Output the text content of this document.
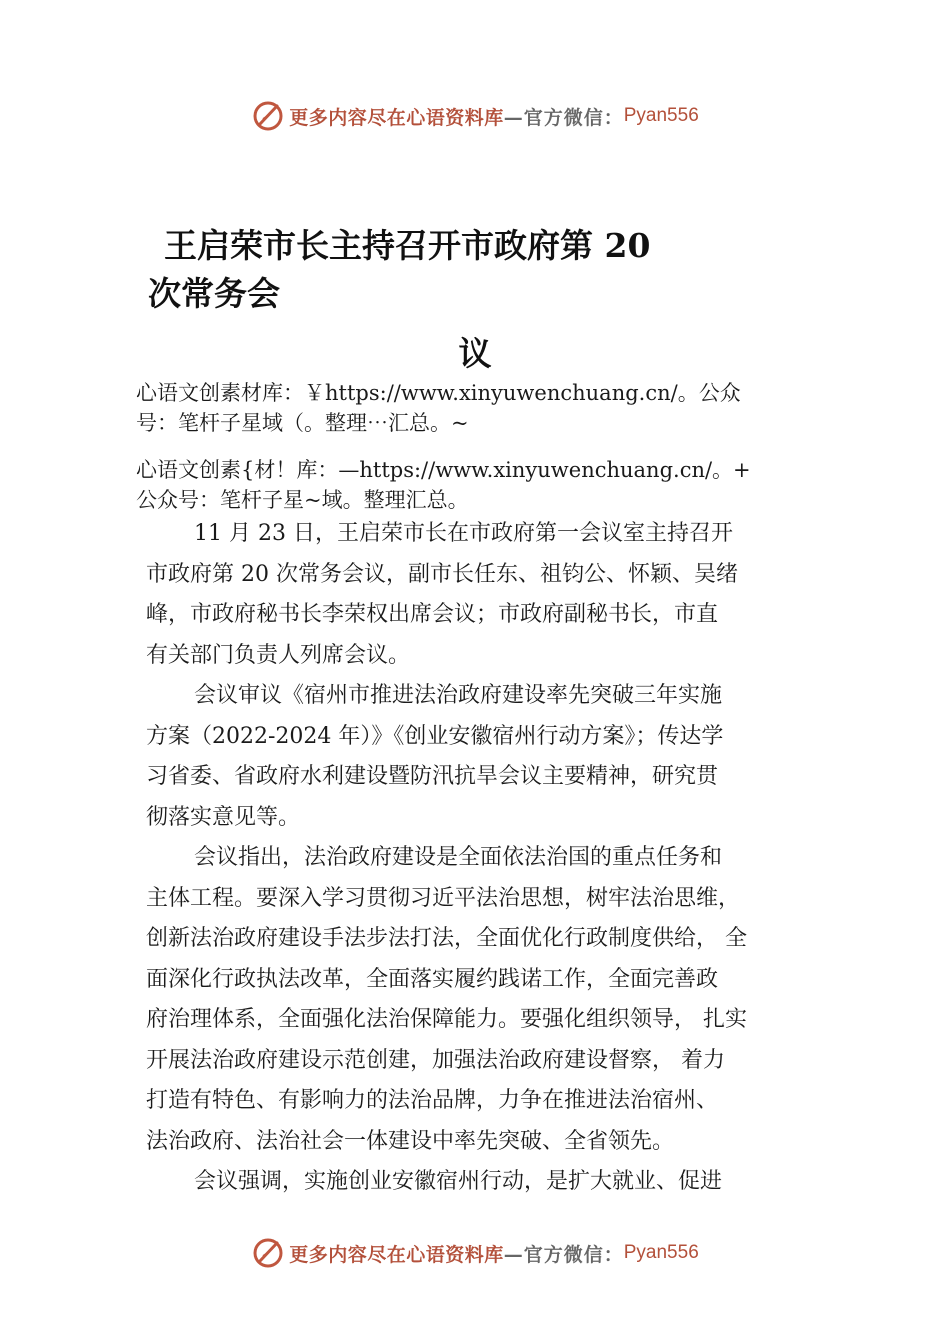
更多内容尽在心语资料库 —官方微信： Pyan556
王启荣市长主持召开市政府第 20
次常务会
议
心语文创素材库：￥https://www.xinyuwenchuang.cn/。公众
号：笔杆子星域（。整理⋯汇总。~
心语文创素{材！库：—https://www.xinyuwenchuang.cn/。+
公众号：笔杆子星~域。整理汇总。

11 月 23 日，王启荣市长在市政府第一会议室主持召开
市政府第 20 次常务会议，副市长任东、祖钧公、怀颖、吴绪
峰，市政府秘书长李荣权出席会议；市政府副秘书长，市直
有关部门负责人列席会议。

会议审议《宿州市推进法治政府建设率先突破三年实施
方案（2022-2024 年）》《创业安徽宿州行动方案》；传达学
习省委、省政府水利建设暨防汛抗旱会议主要精神，研究贯
彻落实意见等。

会议指出，法治政府建设是全面依法治国的重点任务和
主体工程。要深入学习贯彻习近平法治思想，树牢法治思维，
创新法治政府建设手法步法打法，全面优化行政制度供给， 全
面深化行政执法改革，全面落实履约践诺工作，全面完善政
府治理体系，全面强化法治保障能力。要强化组织领导， 扎实
开展法治政府建设示范创建，加强法治政府建设督察， 着力
打造有特色、有影响力的法治品牌，力争在推进法治宿州、
法治政府、法治社会一体建设中率先突破、全省领先。

会议强调，实施创业安徽宿州行动，是扩大就业、促进

更多内容尽在心语资料库 —官方微信： Pyan556
